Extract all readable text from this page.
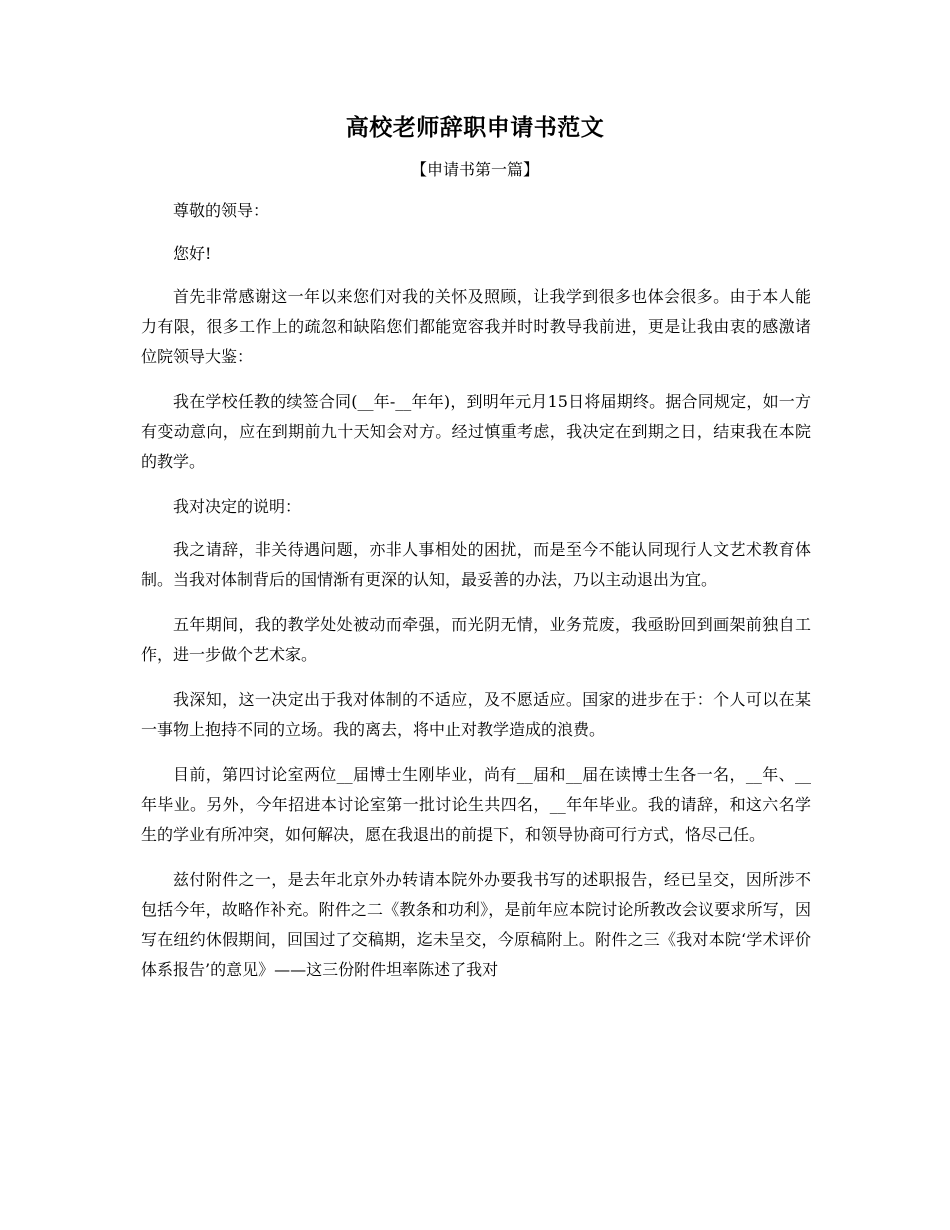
高校老师辞职申请书范文
【申请书第一篇】

尊敬的领导：

您好!

首先非常感谢这一年以来您们对我的关怀及照顾，让我学到很多也体会很多。由于本人能力有限，很多工作上的疏忽和缺陷您们都能宽容我并时时教导我前进，更是让我由衷的感激诸位院领导大鉴：

我在学校任教的续签合同(__年-__年年)，到明年元月15日将届期终。据合同规定，如一方有变动意向，应在到期前九十天知会对方。经过慎重考虑，我决定在到期之日，结束我在本院的教学。

我对决定的说明：

我之请辞，非关待遇问题，亦非人事相处的困扰，而是至今不能认同现行人文艺术教育体制。当我对体制背后的国情渐有更深的认知，最妥善的办法，乃以主动退出为宜。

五年期间，我的教学处处被动而牵强，而光阴无情，业务荒废，我亟盼回到画架前独自工作，进一步做个艺术家。

我深知，这一决定出于我对体制的不适应，及不愿适应。国家的进步在于：个人可以在某一事物上抱持不同的立场。我的离去，将中止对教学造成的浪费。

目前，第四讨论室两位__届博士生刚毕业，尚有__届和__届在读博士生各一名，__年、__年毕业。另外，今年招进本讨论室第一批讨论生共四名，__年年毕业。我的请辞，和这六名学生的学业有所冲突，如何解决，愿在我退出的前提下，和领导协商可行方式，恪尽己任。

兹付附件之一，是去年北京外办转请本院外办要我书写的述职报告，经已呈交，因所涉不包括今年，故略作补充。附件之二《教条和功利》，是前年应本院讨论所教改会议要求所写，因写在纽约休假期间，回国过了交稿期，迄未呈交，今原稿附上。附件之三《我对本院‘学术评价体系报告’的意见》——这三份附件坦率陈述了我对
